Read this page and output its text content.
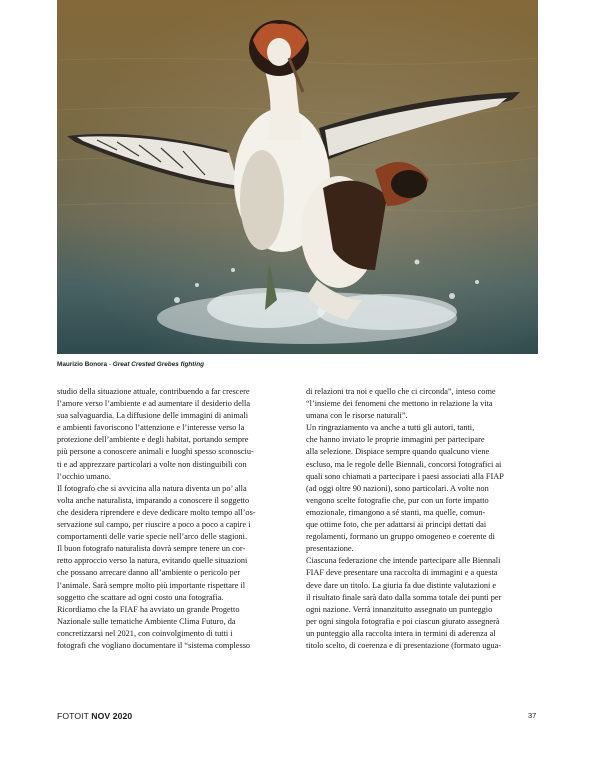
Maurizio Bonora - Great Crested Grebes fighting

studio della situazione attuale, contribuendo a far crescere

l’amore verso l’ambiente e ad aumentare il desiderio della

sua salvaguardia. La diffusione delle immagini di animali

e ambienti favoriscono l’attenzione e l’interesse verso la

protezione dell’ambiente e degli habitat, portando sempre

più persone a conoscere animali e luoghi spesso sconosciu-

ti e ad apprezzare particolari a volte non distinguibili con

l’occhio umano.

Il fotografo che si avvicina alla natura diventa un po’ alla

volta anche naturalista, imparando a conoscere il soggetto

che desidera riprendere e deve dedicare molto tempo all’os-

servazione sul campo, per riuscire a poco a poco a capire i

comportamenti delle varie specie nell’arco delle stagioni.

Il buon fotografo naturalista dovrà sempre tenere un cor-

retto approccio verso la natura, evitando quelle situazioni

che possano arrecare danno all’ambiente o pericolo per

l’animale. Sarà sempre molto più importante rispettare il

soggetto che scattare ad ogni costo una fotografia.

Ricordiamo che la FIAF ha avviato un grande Progetto

Nazionale sulle tematiche Ambiente Clima Futuro, da

concretizzarsi nel 2021, con coinvolgimento di tutti i

fotografi che vogliano documentare il “sistema complesso

di relazioni tra noi e quello che ci circonda”, inteso come

“l’insieme dei fenomeni che mettono in relazione la vita

umana con le risorse naturali”.

Un ringraziamento va anche a tutti gli autori, tanti,

che hanno inviato le proprie immagini per partecipare

alla selezione. Dispiace sempre quando qualcuno viene

escluso, ma le regole delle Biennali, concorsi fotografici ai

quali sono chiamati a partecipare i paesi associati alla FIAP

(ad oggi oltre 90 nazioni), sono particolari. A volte non

vengono scelte fotografie che, pur con un forte impatto

emozionale, rimangono a sé stanti, ma quelle, comun-

que ottime foto, che per adattarsi ai principi dettati dai

regolamenti, formano un gruppo omogeneo e coerente di

presentazione.

Ciascuna federazione che intende partecipare alle Biennali

FIAF deve presentare una raccolta di immagini e a questa

deve dare un titolo. La giuria fa due distinte valutazioni e

il risultato finale sarà dato dalla somma totale dei punti per

ogni nazione. Verrà innanzitutto assegnato un punteggio

per ogni singola fotografia e poi ciascun giurato assegnerà

un punteggio alla raccolta intera in termini di aderenza al

titolo scelto, di coerenza e di presentazione (formato ugua-

FOTOIT NOV 2020	37
